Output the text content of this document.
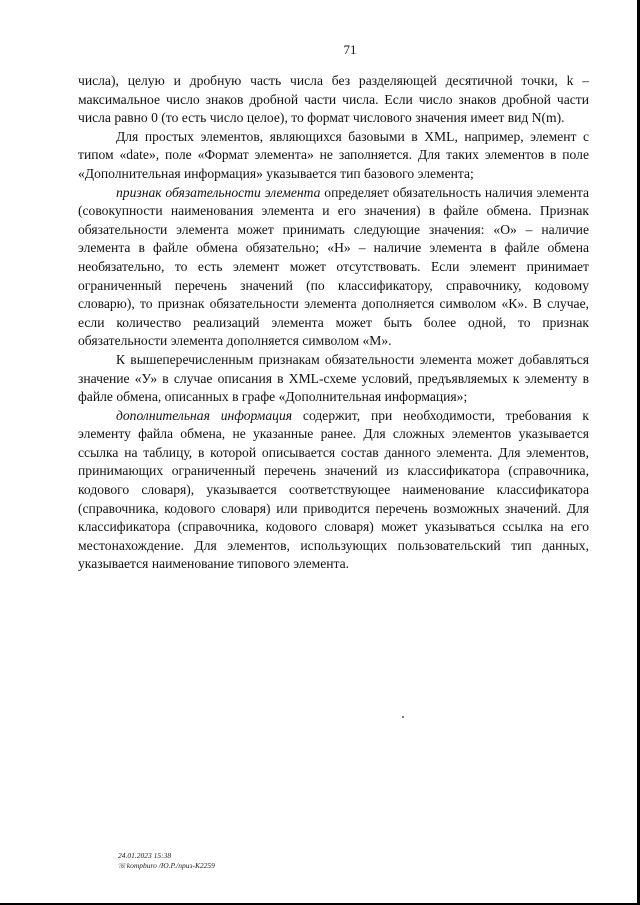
71

числа), целую и дробную часть числа без разделяющей десятичной точки, k – максимальное число знаков дробной части числа. Если число знаков дробной части числа равно 0 (то есть число целое), то формат числового значения имеет вид N(m).

Для простых элементов, являющихся базовыми в XML, например, элемент с типом «date», поле «Формат элемента» не заполняется. Для таких элементов в поле «Дополнительная информация» указывается тип базового элемента;

признак обязательности элемента определяет обязательность наличия элемента (совокупности наименования элемента и его значения) в файле обмена. Признак обязательности элемента может принимать следующие значения: «О» – наличие элемента в файле обмена обязательно; «Н» – наличие элемента в файле обмена необязательно, то есть элемент может отсутствовать. Если элемент принимает ограниченный перечень значений (по классификатору, справочнику, кодовому словарю), то признак обязательности элемента дополняется символом «К». В случае, если количество реализаций элемента может быть более одной, то признак обязательности элемента дополняется символом «М».

К вышеперечисленным признакам обязательности элемента может добавляться значение «У» в случае описания в XML-схеме условий, предъявляемых к элементу в файле обмена, описанных в графе «Дополнительная информация»;

дополнительная информация содержит, при необходимости, требования к элементу файла обмена, не указанные ранее. Для сложных элементов указывается ссылка на таблицу, в которой описывается состав данного элемента. Для элементов, принимающих ограниченный перечень значений из классификатора (справочника, кодового словаря), указывается соответствующее наименование классификатора (справочника, кодового словаря) или приводится перечень возможных значений. Для классификатора (справочника, кодового словаря) может указываться ссылка на его местонахождение. Для элементов, использующих пользовательский тип данных, указывается наименование типового элемента.

24.01.2023 15:38
☏kompburo /Ю.Р./приз-К2259
